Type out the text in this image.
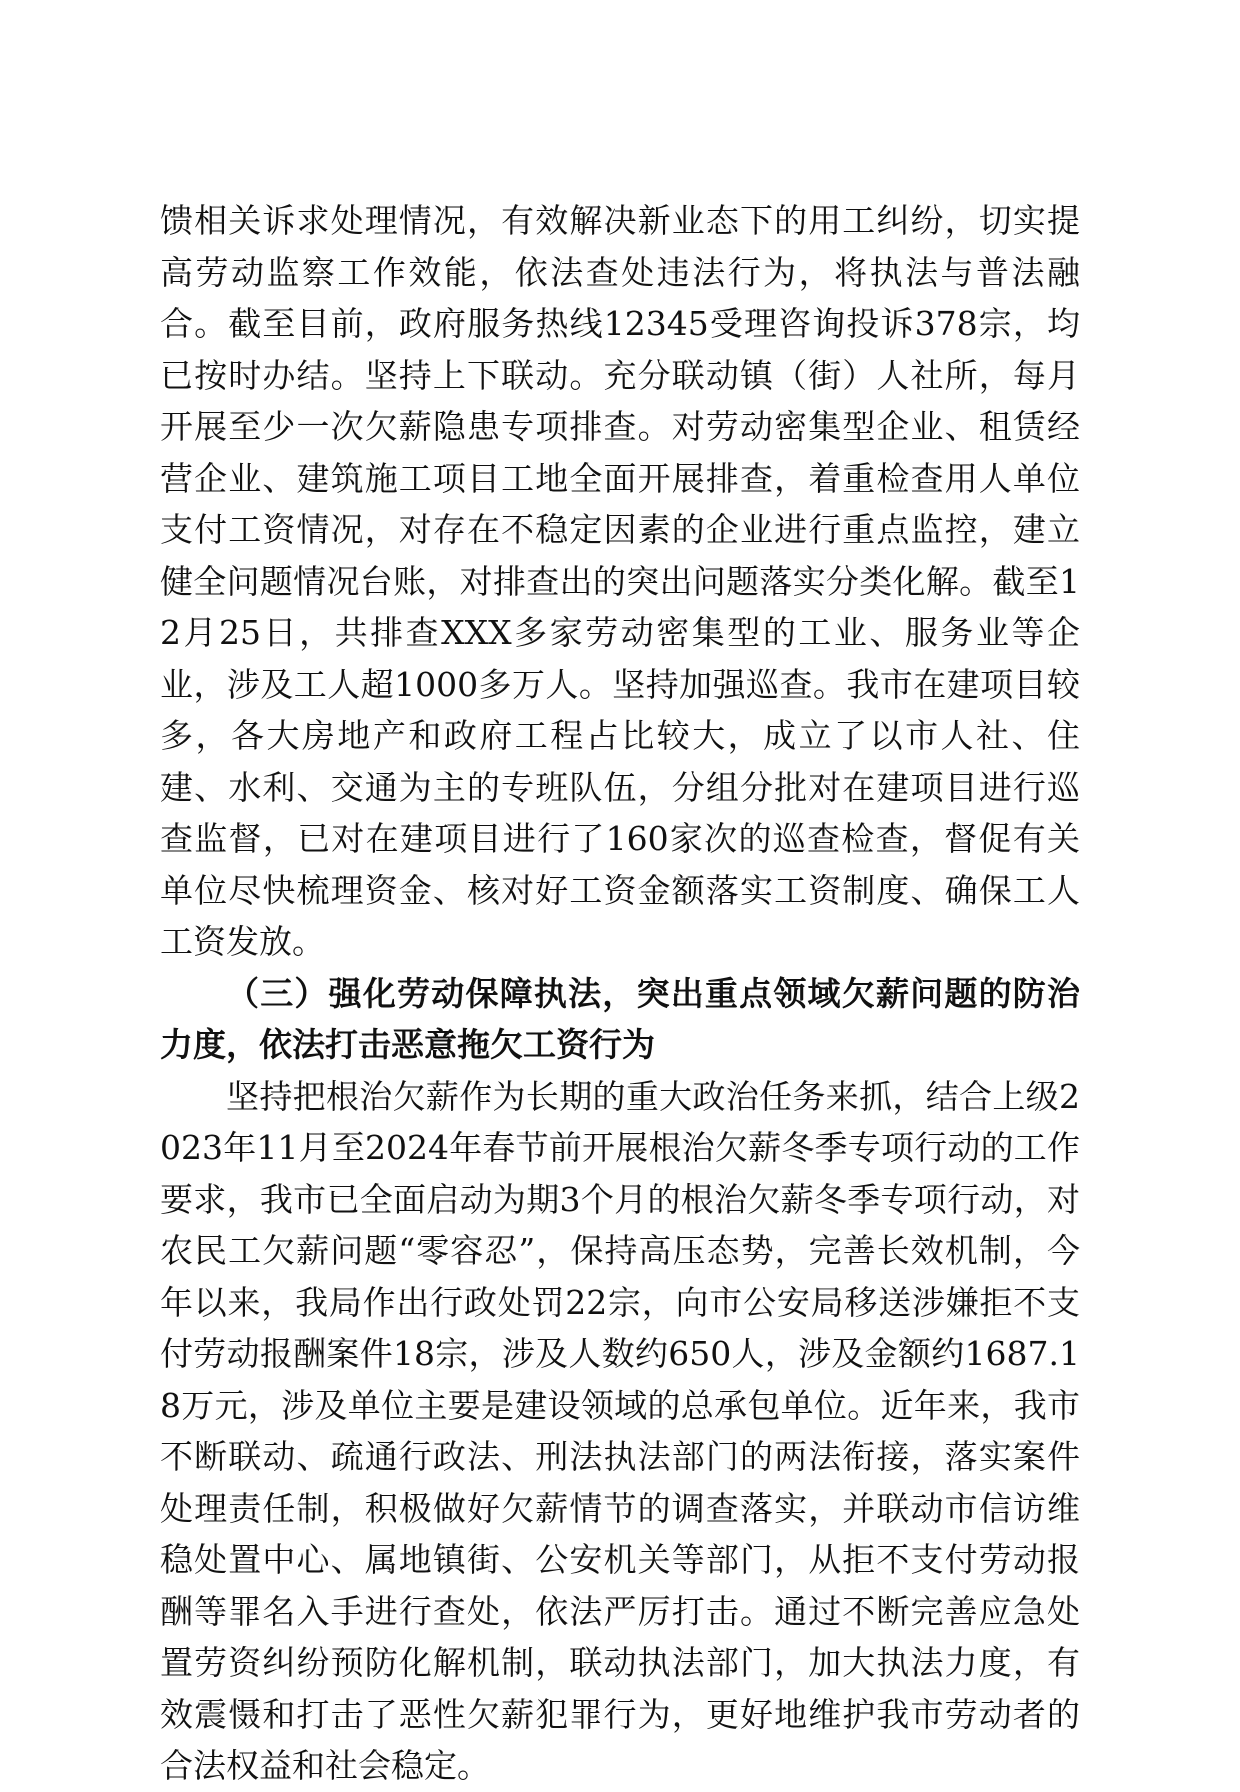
馈相关诉求处理情况，有效解决新业态下的用工纠纷，切实提高劳动监察工作效能，依法查处违法行为，将执法与普法融合。截至目前，政府服务热线12345受理咨询投诉378宗，均已按时办结。坚持上下联动。充分联动镇（街）人社所，每月开展至少一次欠薪隐患专项排查。对劳动密集型企业、租赁经营企业、建筑施工项目工地全面开展排查，着重检查用人单位支付工资情况，对存在不稳定因素的企业进行重点监控，建立健全问题情况台账，对排查出的突出问题落实分类化解。截至12月25日，共排查XXX多家劳动密集型的工业、服务业等企业，涉及工人超1000多万人。坚持加强巡查。我市在建项目较多，各大房地产和政府工程占比较大，成立了以市人社、住建、水利、交通为主的专班队伍，分组分批对在建项目进行巡查监督，已对在建项目进行了160家次的巡查检查，督促有关单位尽快梳理资金、核对好工资金额落实工资制度、确保工人工资发放。

（三）强化劳动保障执法，突出重点领域欠薪问题的防治力度，依法打击恶意拖欠工资行为

坚持把根治欠薪作为长期的重大政治任务来抓，结合上级2023年11月至2024年春节前开展根治欠薪冬季专项行动的工作要求，我市已全面启动为期3个月的根治欠薪冬季专项行动，对农民工欠薪问题“零容忍”，保持高压态势，完善长效机制，今年以来，我局作出行政处罚22宗，向市公安局移送涉嫌拒不支付劳动报酬案件18宗，涉及人数约650人，涉及金额约1687.18万元，涉及单位主要是建设领域的总承包单位。近年来，我市不断联动、疏通行政法、刑法执法部门的两法衔接，落实案件处理责任制，积极做好欠薪情节的调查落实，并联动市信访维稳处置中心、属地镇街、公安机关等部门，从拒不支付劳动报酬等罪名入手进行查处，依法严厉打击。通过不断完善应急处置劳资纠纷预防化解机制，联动执法部门，加大执法力度，有效震慑和打击了恶性欠薪犯罪行为，更好地维护我市劳动者的合法权益和社会稳定。
